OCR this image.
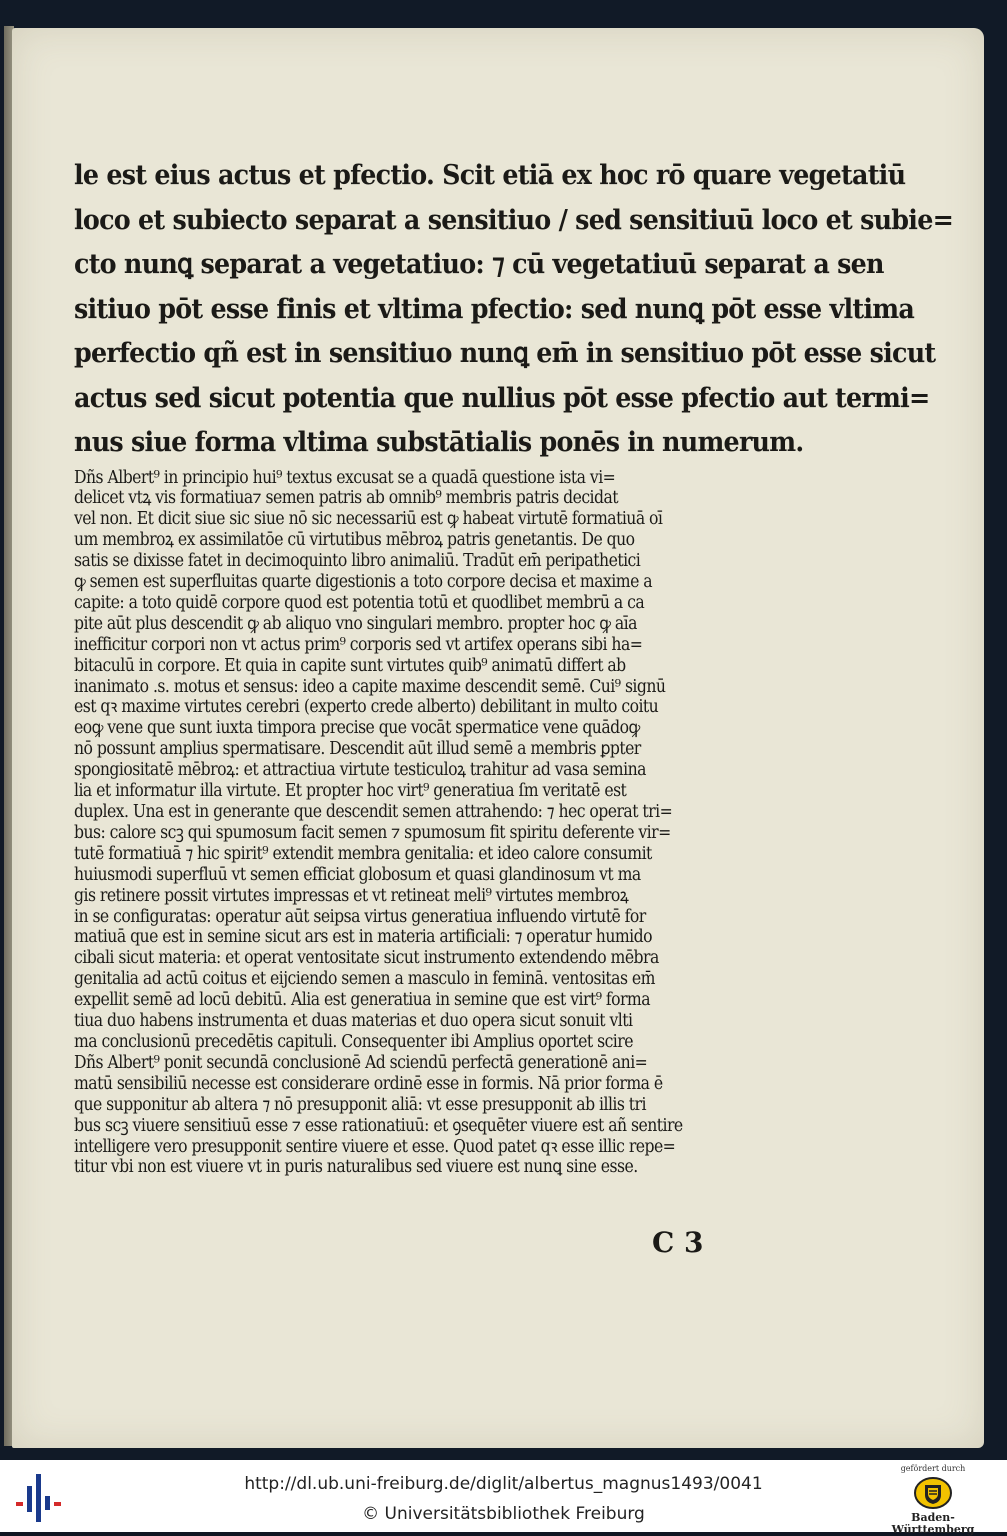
le est eius actus et pfectio. Scit etiā ex hoc rō quare vegetatiū

loco et subiecto separat a sensitiuo / sed sensitiuū loco et subie=

cto nunꝗ separat a vegetatiuo: ⁊ cū vegetatiuū separat a sen

sitiuo pōt esse finis et vltima pfectio: sed nunꝗ pōt esse vltima

perfectio qñ est in sensitiuo nunꝗ em̄ in sensitiuo pōt esse sicut

actus sed sicut potentia que nullius pōt esse pfectio aut termi=

nus siue forma vltima substātialis ponēs in numerum.

Dñs Albert⁹ in principio hui⁹ textus excusat se a quadā questione ista vi=

delicet vtꝝ vis formatiua⁊ semen patris ab omnib⁹ membris patris decidat

vel non. Et dicit siue sic siue nō sic necessariū est ꝙ habeat virtutē formatiuā oī

um membroꝝ ex assimilatōe cū virtutibus mēbroꝝ patris genetantis. De quo

satis se dixisse fatet in decimoquinto libro animaliū. Tradūt em̄ peripathetici

ꝙ semen est superfluitas quarte digestionis a toto corpore decisa et maxime a

capite: a toto quidē corpore quod est potentia totū et quodlibet membrū a ca

pite aūt plus descendit ꝙ ab aliquo vno singulari membro. propter hoc ꝙ aīa

inefficitur corpori non vt actus prim⁹ corporis sed vt artifex operans sibi ha=

bitaculū in corpore. Et quia in capite sunt virtutes quib⁹ animatū differt ab

inanimato .s. motus et sensus: ideo a capite maxime descendit semē. Cui⁹ signū

est qꝛ maxime virtutes cerebri (experto crede alberto) debilitant in multo coitu

eoꝙ vene que sunt iuxta timpora precise que vocāt spermatice vene quādoꝙ

nō possunt amplius spermatisare. Descendit aūt illud semē a membris ꝑpter

spongiositatē mēbroꝝ: et attractiua virtute testiculoꝝ trahitur ad vasa semina

lia et informatur illa virtute. Et propter hoc virt⁹ generatiua ſm veritatē est

duplex. Una est in generante que descendit semen attrahendo: ⁊ hec operat tri=

bus: calore scꝫ qui spumosum facit semen ⁊ spumosum fit spiritu deferente vir=

tutē formatiuā ⁊ hic spirit⁹ extendit membra genitalia: et ideo calore consumit

huiusmodi superfluū vt semen efficiat globosum et quasi glandinosum vt ma

gis retinere possit virtutes impressas et vt retineat meli⁹ virtutes membroꝝ

in se configuratas: operatur aūt seipsa virtus generatiua influendo virtutē for

matiuā que est in semine sicut ars est in materia artificiali: ⁊ operatur humido

cibali sicut materia: et operat ventositate sicut instrumento extendendo mēbra

genitalia ad actū coitus et eijciendo semen a masculo in feminā. ventositas em̄

expellit semē ad locū debitū. Alia est generatiua in semine que est virt⁹ forma

tiua duo habens instrumenta et duas materias et duo opera sicut sonuit vlti

ma conclusionū precedētis capituli. Consequenter ibi Amplius oportet scire

Dñs Albert⁹ ponit secundā conclusionē Ad sciendū perfectā generationē ani=

matū sensibiliū necesse est considerare ordinē esse in formis. Nā prior forma ē

que supponitur ab altera ⁊ nō presupponit aliā: vt esse presupponit ab illis tri

bus scꝫ viuere sensitiuū esse ⁊ esse rationatiuū: et ꝯsequēter viuere est añ sentire

intelligere vero presupponit sentire viuere et esse. Quod patet qꝛ esse illic repe=

titur vbi non est viuere vt in puris naturalibus sed viuere est nunꝗ sine esse.

C 3

http://dl.ub.uni-freiburg.de/diglit/albertus_magnus1493/0041

© Universitätsbibliothek Freiburg

gefördert durch

Baden-Württemberg
